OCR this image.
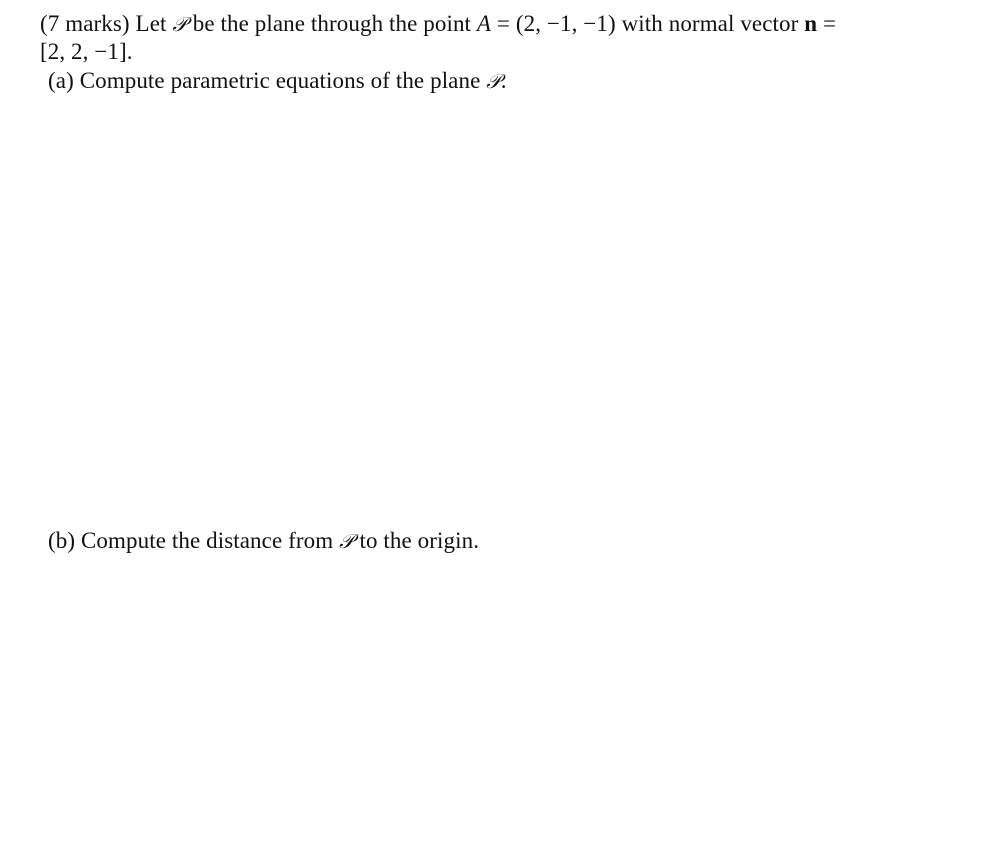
(7 marks) Let 𝒫 be the plane through the point A = (2, −1, −1) with normal vector n =
[2, 2, −1].
(a) Compute parametric equations of the plane 𝒫.
(b) Compute the distance from 𝒫 to the origin.
